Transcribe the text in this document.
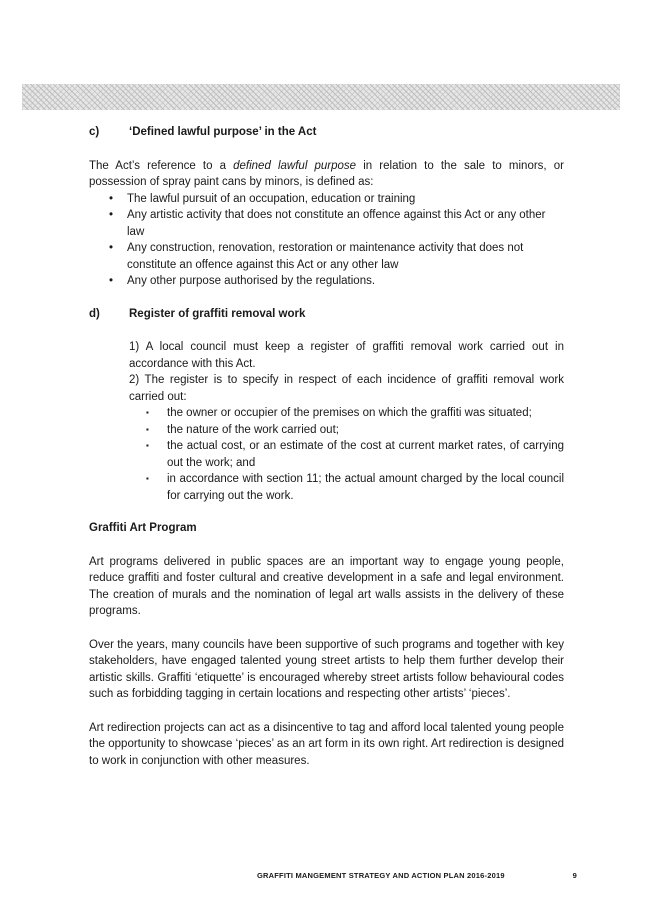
c)	‘Defined lawful purpose’ in the Act

The Act’s reference to a defined lawful purpose in relation to the sale to minors, or possession of spray paint cans by minors, is defined as:

• The lawful pursuit of an occupation, education or training
• Any artistic activity that does not constitute an offence against this Act or any other law
• Any construction, renovation, restoration or maintenance activity that does not constitute an offence against this Act or any other law
• Any other purpose authorised by the regulations.
d)	Register of graffiti removal work

1) A local council must keep a register of graffiti removal work carried out in accordance with this Act.

2) The register is to specify in respect of each incidence of graffiti removal work carried out:

▪ the owner or occupier of the premises on which the graffiti was situated;
▪ the nature of the work carried out;
▪ the actual cost, or an estimate of the cost at current market rates, of carrying out the work; and
▪ in accordance with section 11; the actual amount charged by the local council for carrying out the work.
Graffiti Art Program

Art programs delivered in public spaces are an important way to engage young people, reduce graffiti and foster cultural and creative development in a safe and legal environment. The creation of murals and the nomination of legal art walls assists in the delivery of these programs.

Over the years, many councils have been supportive of such programs and together with key stakeholders, have engaged talented young street artists to help them further develop their artistic skills. Graffiti ‘etiquette’ is encouraged whereby street artists follow behavioural codes such as forbidding tagging in certain locations and respecting other artists’ ‘pieces’.

Art redirection projects can act as a disincentive to tag and afford local talented young people the opportunity to showcase ‘pieces’ as an art form in its own right. Art redirection is designed to work in conjunction with other measures.

GRAFFITI MANGEMENT STRATEGY AND ACTION PLAN 2016-2019	9
